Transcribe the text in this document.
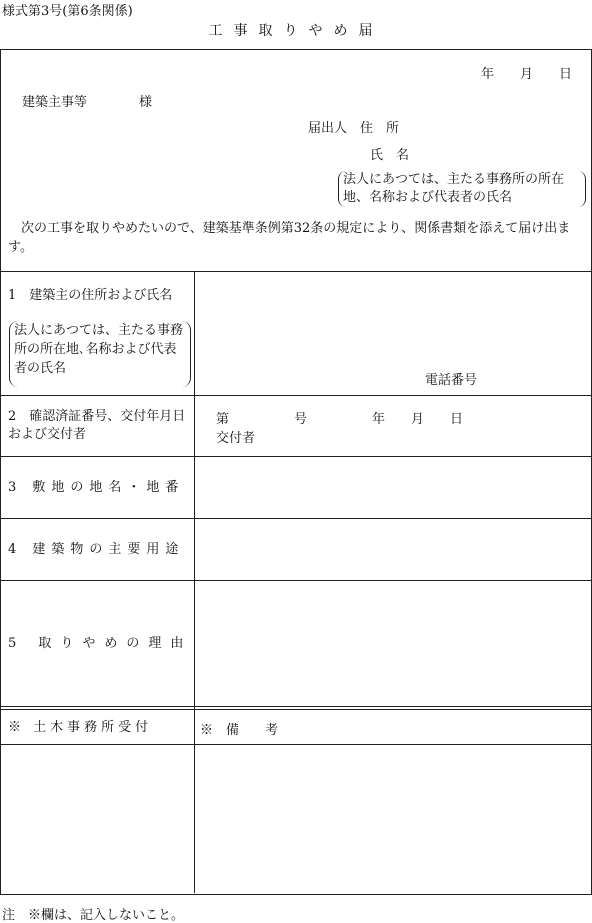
様式第3号(第6条関係)
工事取りやめ届
年　　月　　日
建築主事等　　　　様
届出人　住　所
氏　名
法人にあつては、主たる事務所の所在地、名称および代表者の氏名
次の工事を取りやめたいので、建築基準条例第32条の規定により、関係書類を添えて届け出ます。
1　建築主の住所および氏名
法人にあつては、主たる事務所の所在地､名称および代表者の氏名
電話番号
2　確認済証番号、交付年月日および交付者
第　　　　　号　　　　　年　　月　　日
交付者
3 敷地の地名・地番
4 建築物の主要用途
5 取りやめの理由
※ 土木事務所受付	※　備　　考
注　※欄は、記入しないこと。
